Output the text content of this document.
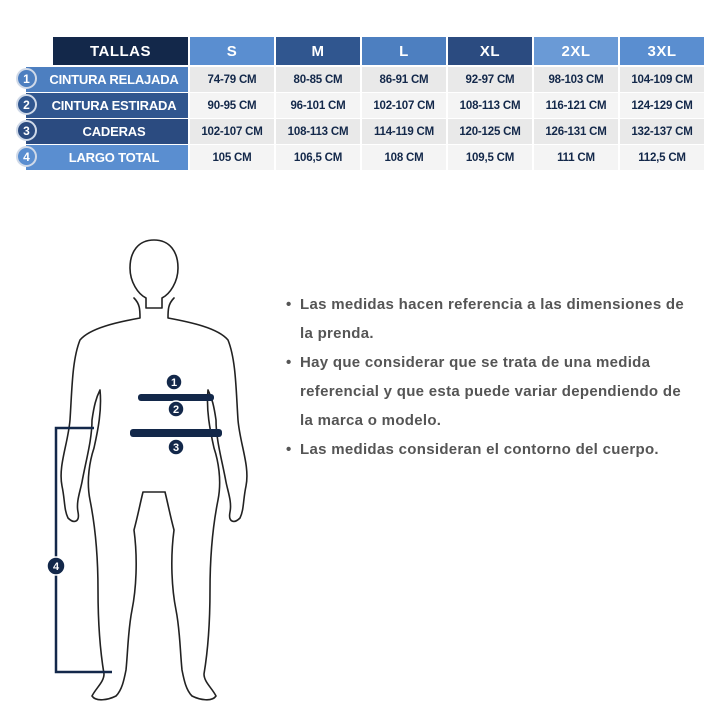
TALLAS	S	M	L	XL	2XL	3XL
1	CINTURA RELAJADA	74-79 CM	80-85 CM	86-91 CM	92-97 CM	98-103 CM	104-109 CM
2	CINTURA ESTIRADA	90-95 CM	96-101 CM	102-107 CM	108-113 CM	116-121 CM	124-129 CM
3	CADERAS	102-107 CM	108-113 CM	114-119 CM	120-125 CM	126-131 CM	132-137 CM
4	LARGO TOTAL	105 CM	106,5 CM	108 CM	109,5 CM	111 CM	112,5 CM
1
2
3
4
• Las medidas hacen referencia a las dimensiones de la prenda.
• Hay que considerar que se trata de una medida referencial y que esta puede variar dependiendo de la marca o modelo.
• Las medidas consideran el contorno del cuerpo.
